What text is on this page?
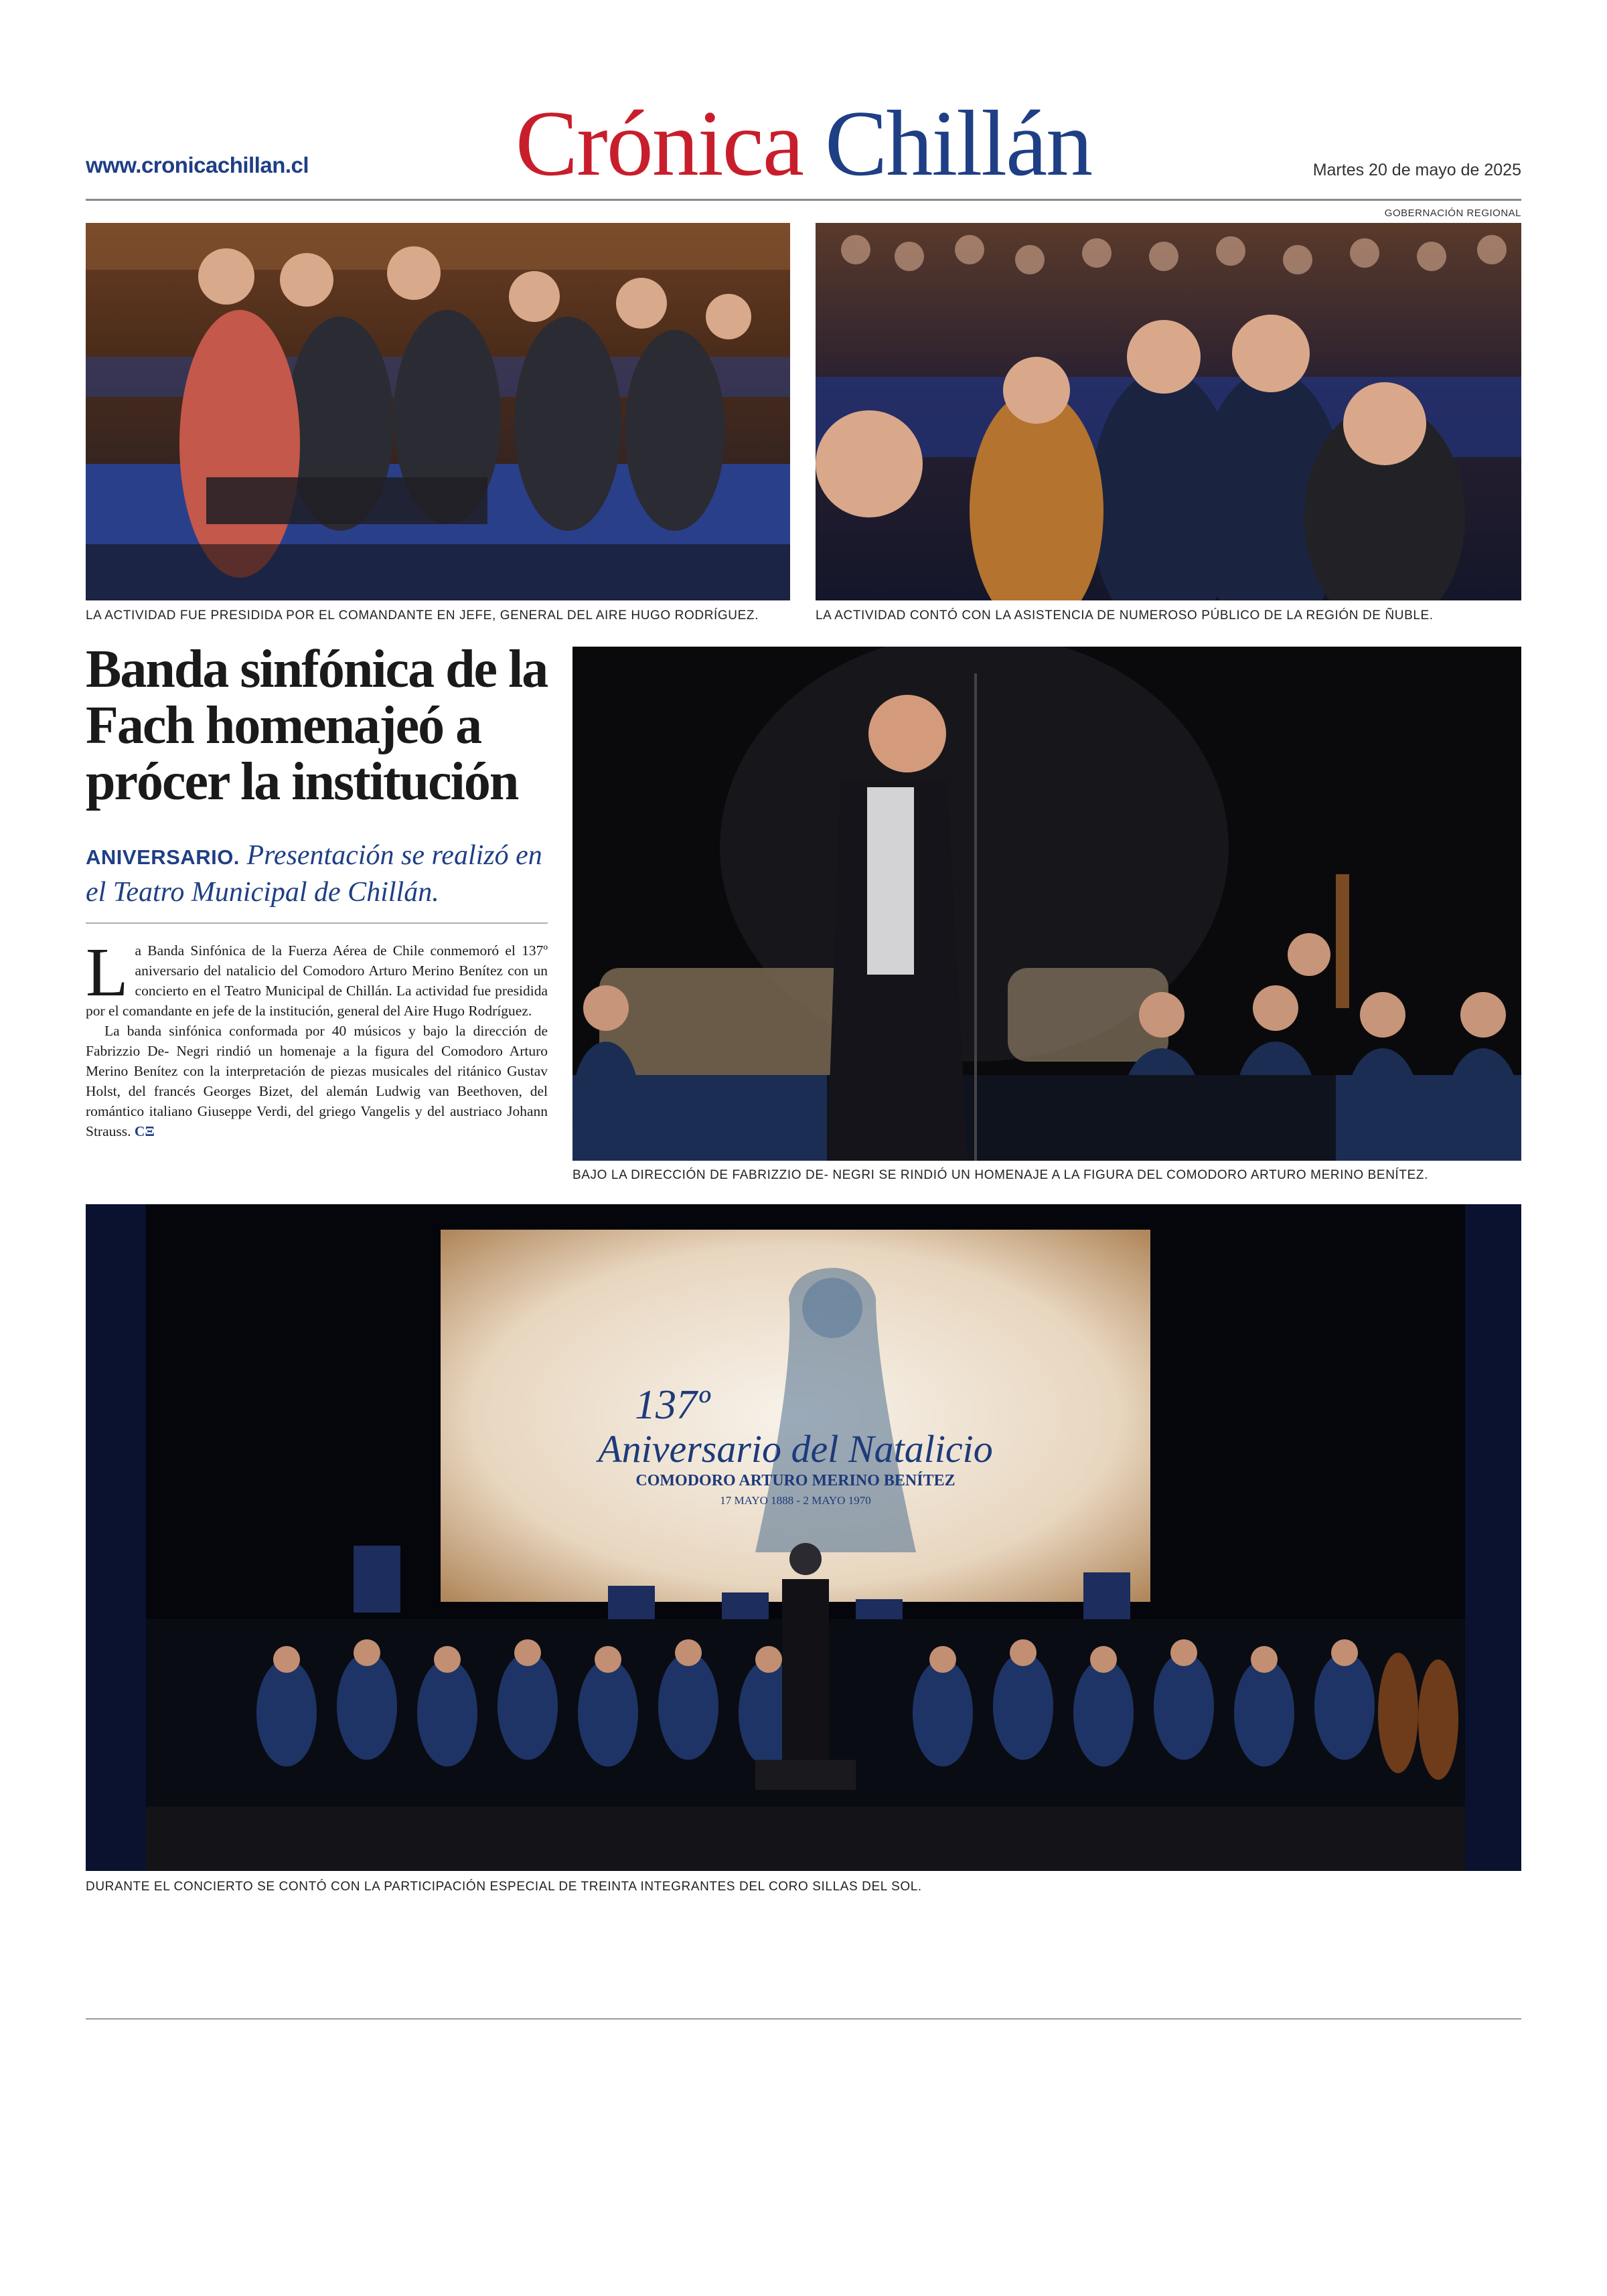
www.cronicachillan.cl	Crónica Chillán	Martes 20 de mayo de 2025
GOBERNACIÓN REGIONAL
LA ACTIVIDAD FUE PRESIDIDA POR EL COMANDANTE EN JEFE, GENERAL DEL AIRE HUGO RODRÍGUEZ.	LA ACTIVIDAD CONTÓ CON LA ASISTENCIA DE NUMEROSO PÚBLICO DE LA REGIÓN DE ÑUBLE.
Banda sinfónica de la Fach homenajeó a prócer la institución
ANIVERSARIO. Presentación se realizó en el Teatro Municipal de Chillán.

La Banda Sinfónica de la Fuerza Aérea de Chile conmemoró el 137º aniversario del natalicio del Comodoro Arturo Merino Benítez con un concierto en el Teatro Municipal de Chillán. La actividad fue presidida por el comandante en jefe de la institución, general del Aire Hugo Rodríguez.

La banda sinfónica conformada por 40 músicos y bajo la dirección de Fabrizzio De- Negri rindió un homenaje a la figura del Comodoro Arturo Merino Benítez con la interpretación de piezas musicales del ritánico Gustav Holst, del francés Georges Bizet, del alemán Ludwig van Beethoven, del romántico italiano Giuseppe Verdi, del griego Vangelis y del austriaco Johann Strauss. CΞ

BAJO LA DIRECCIÓN DE FABRIZZIO DE- NEGRI SE RINDIÓ UN HOMENAJE A LA FIGURA DEL COMODORO ARTURO MERINO BENÍTEZ.
137º
Aniversario del Natalicio
COMODORO ARTURO MERINO BENÍTEZ
17 MAYO 1888 - 2 MAYO 1970
DURANTE EL CONCIERTO SE CONTÓ CON LA PARTICIPACIÓN ESPECIAL DE TREINTA INTEGRANTES DEL CORO SILLAS DEL SOL.
